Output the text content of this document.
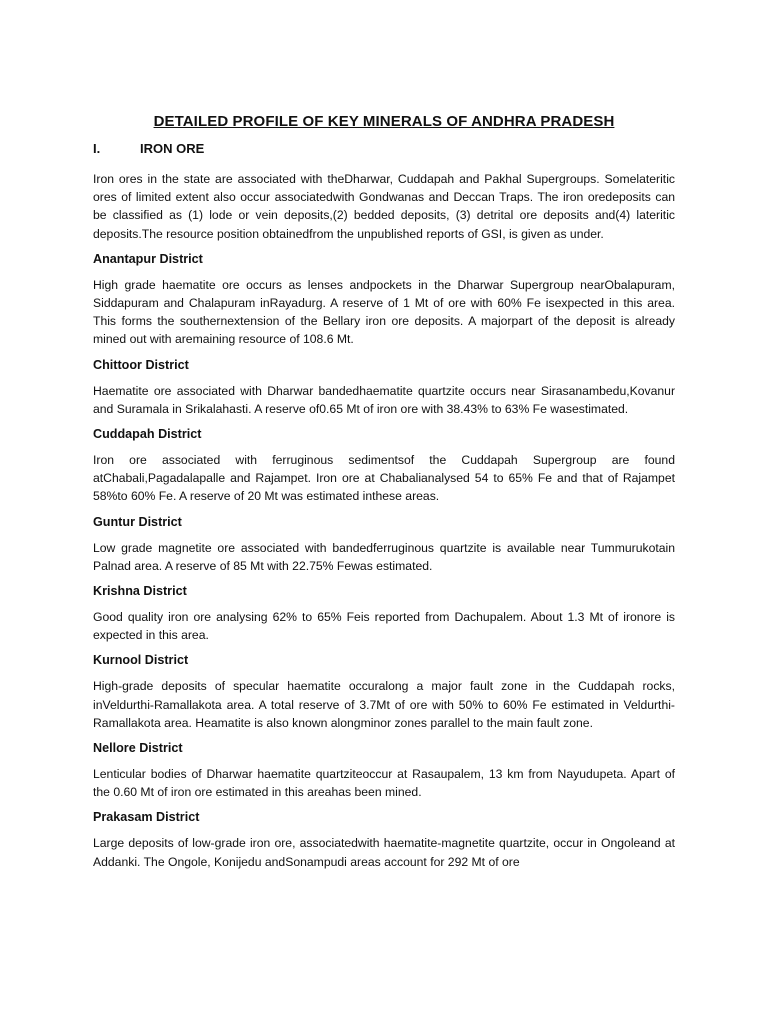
DETAILED PROFILE OF KEY MINERALS OF ANDHRA PRADESH
I.	IRON ORE

Iron ores in the state are associated with theDharwar, Cuddapah and Pakhal Supergroups. Somelateritic ores of limited extent also occur associatedwith Gondwanas and Deccan Traps. The iron oredeposits can be classified as (1) lode or vein deposits,(2) bedded deposits, (3) detrital ore deposits and(4) lateritic deposits.The resource position obtainedfrom the unpublished reports of GSI, is given as under.

Anantapur District

High grade haematite ore occurs as lenses andpockets in the Dharwar Supergroup nearObalapuram, Siddapuram and Chalapuram inRayadurg. A reserve of 1 Mt of ore with 60% Fe isexpected in this area. This forms the southernextension of the Bellary iron ore deposits. A majorpart of the deposit is already mined out with aremaining resource of 108.6 Mt.

Chittoor District

Haematite ore associated with Dharwar bandedhaematite quartzite occurs near Sirasanambedu,Kovanur and Suramala in Srikalahasti. A reserve of0.65 Mt of iron ore with 38.43% to 63% Fe wasestimated.

Cuddapah District

Iron ore associated with ferruginous sedimentsof the Cuddapah Supergroup are found atChabali,Pagadalapalle and Rajampet. Iron ore at Chabalianalysed 54 to 65% Fe and that of Rajampet 58%to 60% Fe. A reserve of 20 Mt was estimated inthese areas.

Guntur District

Low grade magnetite ore associated with bandedferruginous quartzite is available near Tummurukotain Palnad area. A reserve of 85 Mt with 22.75% Fewas estimated.

Krishna District

Good quality iron ore analysing 62% to 65% Feis reported from Dachupalem. About 1.3 Mt of ironore is expected in this area.

Kurnool District

High-grade deposits of specular haematite occuralong a major fault zone in the Cuddapah rocks, inVeldurthi-Ramallakota area. A total reserve of 3.7Mt of ore with 50% to 60% Fe estimated in Veldurthi-Ramallakota area. Heamatite is also known alongminor zones parallel to the main fault zone.

Nellore District

Lenticular bodies of Dharwar haematite quartziteoccur at Rasaupalem, 13 km from Nayudupeta. Apart of the 0.60 Mt of iron ore estimated in this areahas been mined.

Prakasam District

Large deposits of low-grade iron ore, associatedwith haematite-magnetite quartzite, occur in Ongoleand at Addanki. The Ongole, Konijedu andSonampudi areas account for 292 Mt of ore
